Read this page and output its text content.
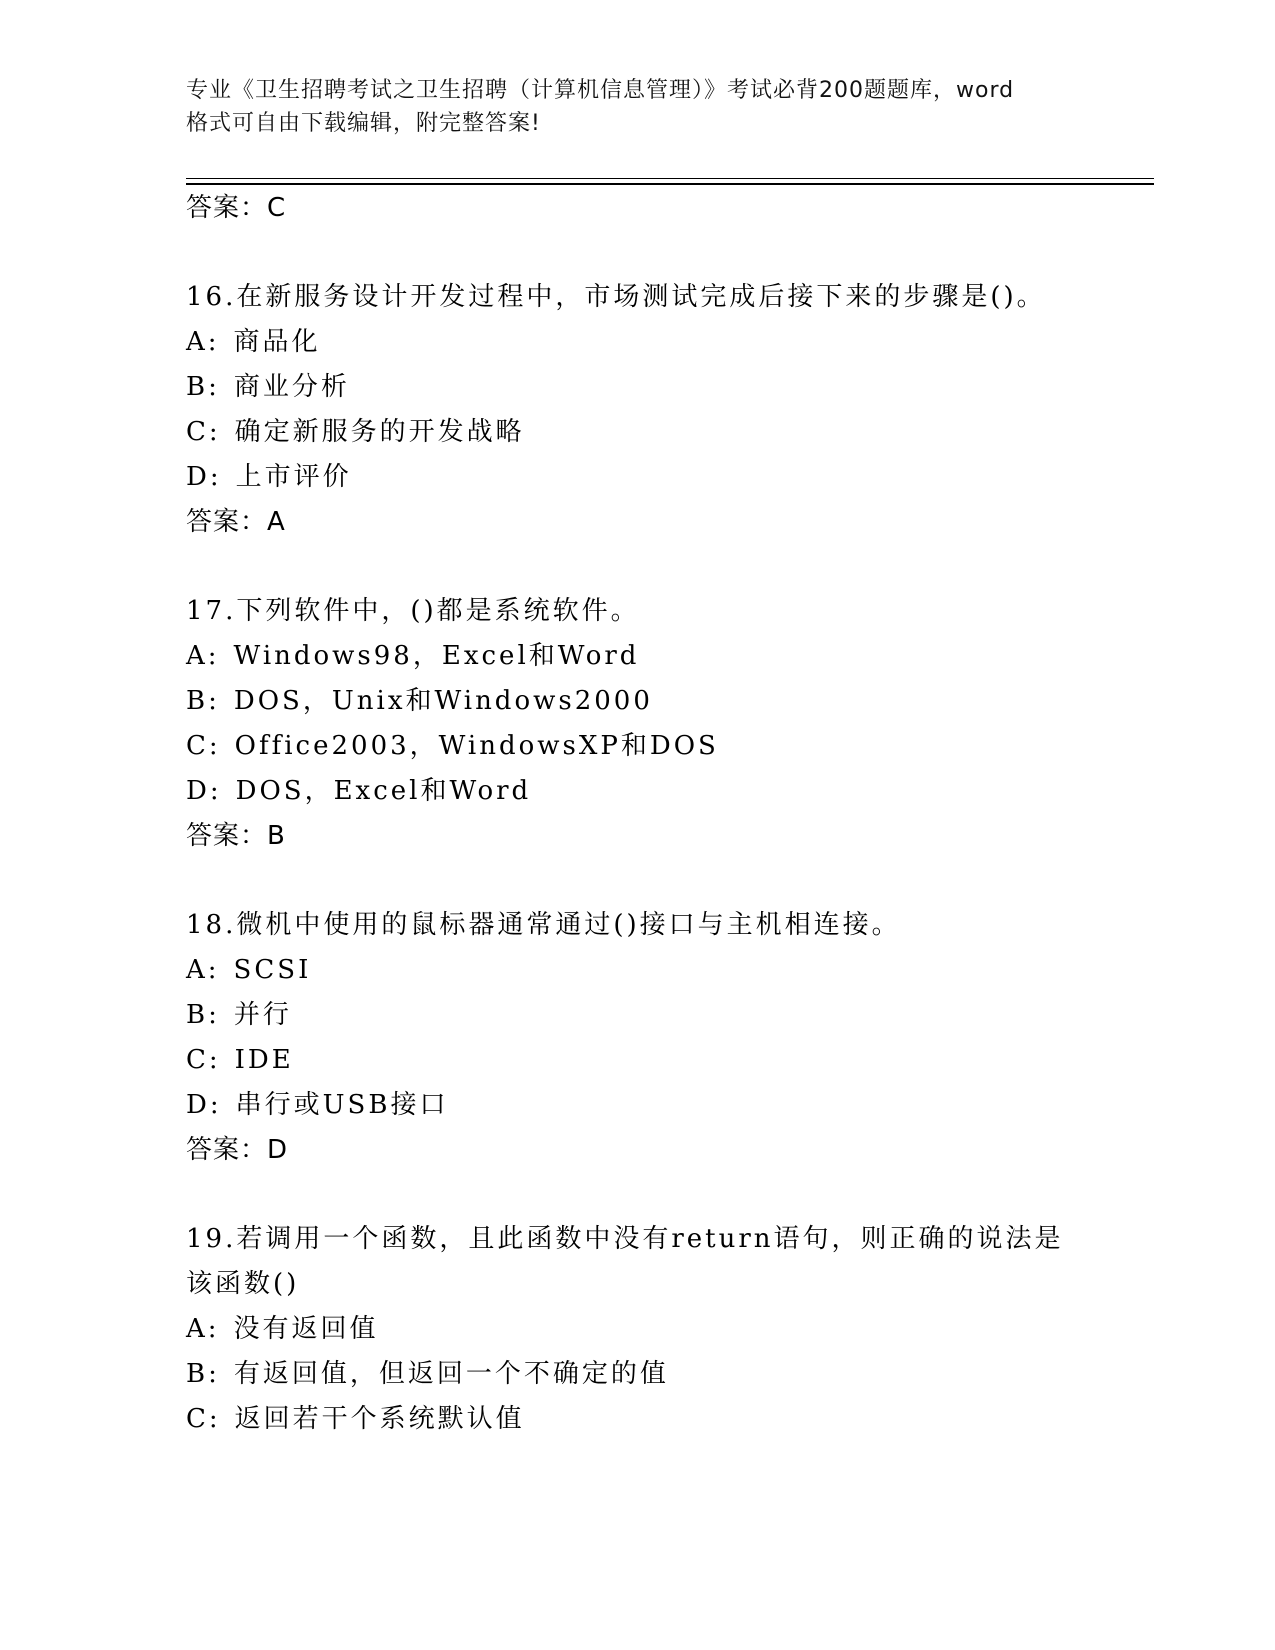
专业《卫生招聘考试之卫生招聘（计算机信息管理）》考试必背200题题库，word
格式可自由下载编辑，附完整答案!

答案：C

16.在新服务设计开发过程中，市场测试完成后接下来的步骤是()。

A: 商品化

B: 商业分析

C: 确定新服务的开发战略

D: 上市评价

答案：A

17.下列软件中，()都是系统软件。

A: Windows98，Excel和Word

B: DOS，Unix和Windows2000

C: Office2003，WindowsXP和DOS

D: DOS，Excel和Word

答案：B

18.微机中使用的鼠标器通常通过()接口与主机相连接。

A: SCSI

B: 并行

C: IDE

D: 串行或USB接口

答案：D

19.若调用一个函数，且此函数中没有return语句，则正确的说法是

该函数()

A: 没有返回值

B: 有返回值，但返回一个不确定的值

C: 返回若干个系统默认值
